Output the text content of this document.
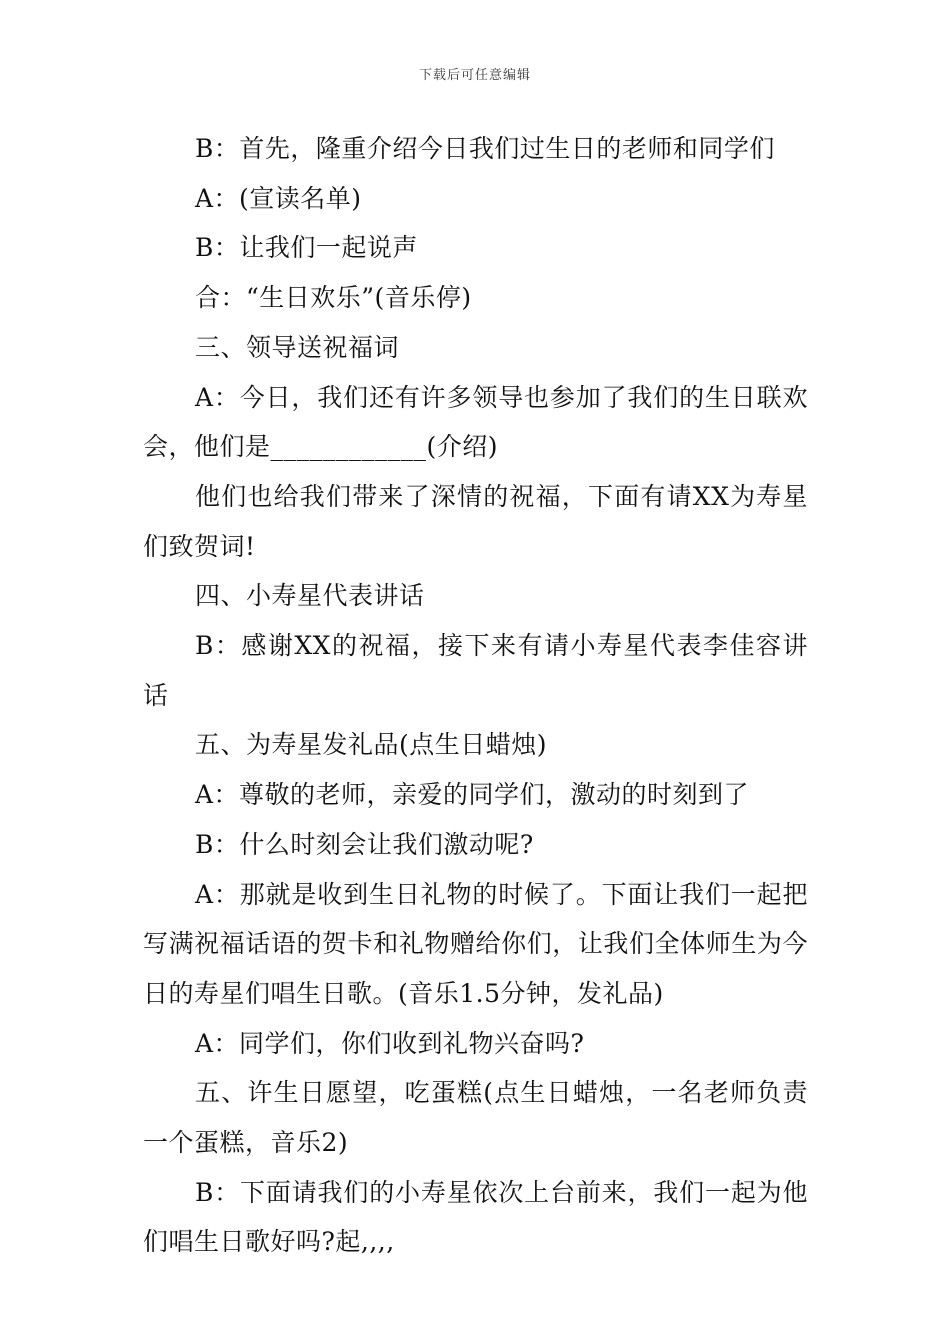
下载后可任意编辑

B：首先，隆重介绍今日我们过生日的老师和同学们

A：(宣读名单)

B：让我们一起说声

合：“生日欢乐”(音乐停)

三、领导送祝福词

A：今日，我们还有许多领导也参加了我们的生日联欢会，他们是____________(介绍)

他们也给我们带来了深情的祝福，下面有请XX为寿星们致贺词!

四、小寿星代表讲话

B：感谢XX的祝福，接下来有请小寿星代表李佳容讲话

五、为寿星发礼品(点生日蜡烛)

A：尊敬的老师，亲爱的同学们，激动的时刻到了

B：什么时刻会让我们激动呢?

A：那就是收到生日礼物的时候了。下面让我们一起把写满祝福话语的贺卡和礼物赠给你们，让我们全体师生为今日的寿星们唱生日歌。(音乐1.5分钟，发礼品)

A：同学们，你们收到礼物兴奋吗?

五、许生日愿望，吃蛋糕(点生日蜡烛，一名老师负责一个蛋糕，音乐2)

B：下面请我们的小寿星依次上台前来，我们一起为他们唱生日歌好吗?起,,,,
